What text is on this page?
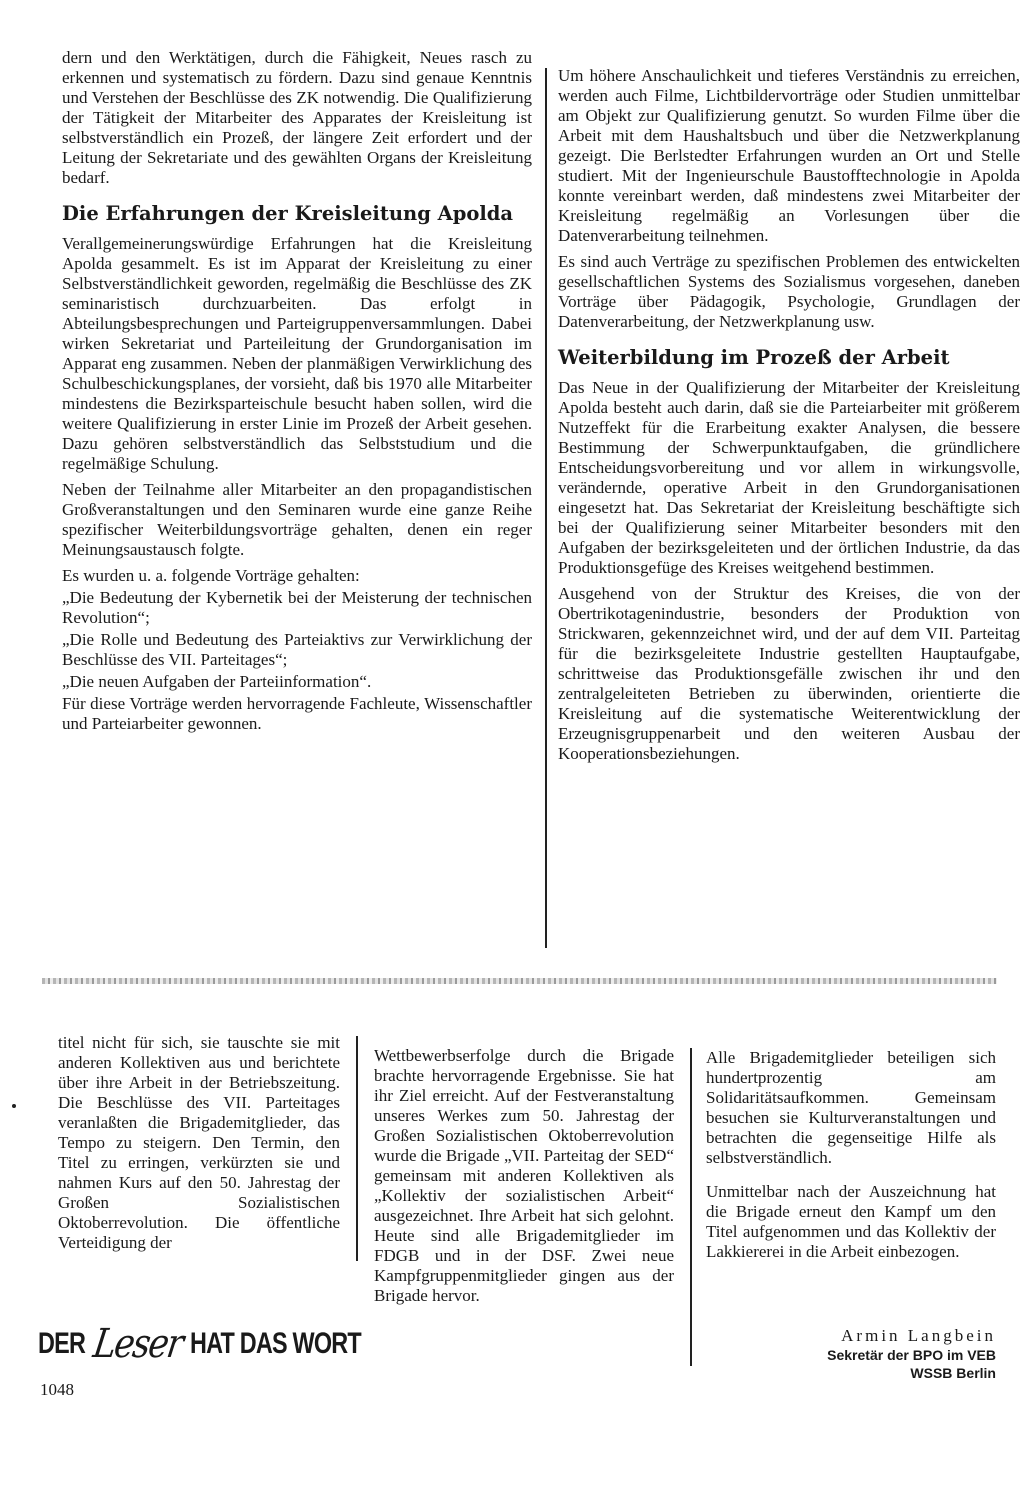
dern und den Werktätigen, durch die Fähigkeit, Neues rasch zu erkennen und systematisch zu fördern. Dazu sind genaue Kenntnis und Verstehen der Beschlüsse des ZK notwendig. Die Qualifizierung der Tätigkeit der Mitarbeiter des Apparates der Kreisleitung ist selbstverständlich ein Prozeß, der längere Zeit erfordert und der Leitung der Sekretariate und des gewählten Organs der Kreisleitung bedarf.

Die Erfahrungen der Kreisleitung Apolda

Verallgemeinerungswürdige Erfahrungen hat die Kreisleitung Apolda gesammelt. Es ist im Apparat der Kreisleitung zu einer Selbstverständlichkeit geworden, regelmäßig die Beschlüsse des ZK seminaristisch durchzuarbeiten. Das erfolgt in Abteilungsbesprechungen und Parteigruppenversammlungen. Dabei wirken Sekretariat und Parteileitung der Grundorganisation im Apparat eng zusammen. Neben der planmäßigen Verwirklichung des Schulbeschickungsplanes, der vorsieht, daß bis 1970 alle Mitarbeiter mindestens die Bezirksparteischule besucht haben sollen, wird die weitere Qualifizierung in erster Linie im Prozeß der Arbeit gesehen. Dazu gehören selbstverständlich das Selbststudium und die regelmäßige Schulung.

Neben der Teilnahme aller Mitarbeiter an den propagandistischen Großveranstaltungen und den Seminaren wurde eine ganze Reihe spezifischer Weiterbildungsvorträge gehalten, denen ein reger Meinungsaustausch folgte.

Es wurden u. a. folgende Vorträge gehalten:

„Die Bedeutung der Kybernetik bei der Meisterung der technischen Revolution“;

„Die Rolle und Bedeutung des Parteiaktivs zur Verwirklichung der Beschlüsse des VII. Parteitages“;

„Die neuen Aufgaben der Parteiinformation“.

Für diese Vorträge werden hervorragende Fachleute, Wissenschaftler und Parteiarbeiter gewonnen.

Um höhere Anschaulichkeit und tieferes Verständnis zu erreichen, werden auch Filme, Lichtbildervorträge oder Studien unmittelbar am Objekt zur Qualifizierung genutzt. So wurden Filme über die Arbeit mit dem Haushaltsbuch und über die Netzwerkplanung gezeigt. Die Berlstedter Erfahrungen wurden an Ort und Stelle studiert. Mit der Ingenieurschule Baustofftechnologie in Apolda konnte vereinbart werden, daß mindestens zwei Mitarbeiter der Kreisleitung regelmäßig an Vorlesungen über die Datenverarbeitung teilnehmen.

Es sind auch Verträge zu spezifischen Problemen des entwickelten gesellschaftlichen Systems des Sozialismus vorgesehen, daneben Vorträge über Pädagogik, Psychologie, Grundlagen der Datenverarbeitung, der Netzwerkplanung usw.

Weiterbildung im Prozeß der Arbeit

Das Neue in der Qualifizierung der Mitarbeiter der Kreisleitung Apolda besteht auch darin, daß sie die Parteiarbeiter mit größerem Nutzeffekt für die Erarbeitung exakter Analysen, die bessere Bestimmung der Schwerpunktaufgaben, die gründlichere Entscheidungsvorbereitung und vor allem in wirkungsvolle, verändernde, operative Arbeit in den Grundorganisationen eingesetzt hat. Das Sekretariat der Kreisleitung beschäftigte sich bei der Qualifizierung seiner Mitarbeiter besonders mit den Aufgaben der bezirksgeleiteten und der örtlichen Industrie, da das Produktionsgefüge des Kreises weitgehend bestimmen.

Ausgehend von der Struktur des Kreises, die von der Obertrikotagenindustrie, besonders der Produktion von Strickwaren, gekennzeichnet wird, und der auf dem VII. Parteitag für die bezirksgeleitete Industrie gestellten Hauptaufgabe, schrittweise das Produktionsgefälle zwischen ihr und den zentralgeleiteten Betrieben zu überwinden, orientierte die Kreisleitung auf die systematische Weiterentwicklung der Erzeugnisgruppenarbeit und den weiteren Ausbau der Kooperationsbeziehungen.

titel nicht für sich, sie tauschte sie mit anderen Kollektiven aus und berichtete über ihre Arbeit in der Betriebszeitung. Die Beschlüsse des VII. Parteitages veranlaßten die Brigademitglieder, das Tempo zu steigern. Den Termin, den Titel zu erringen, verkürzten sie und nahmen Kurs auf den 50. Jahrestag der Großen Sozialistischen Oktoberrevolution. Die öffentliche Verteidigung der

Wettbewerbserfolge durch die Brigade brachte hervorragende Ergebnisse. Sie hat ihr Ziel erreicht. Auf der Festveranstaltung unseres Werkes zum 50. Jahrestag der Großen Sozialistischen Oktoberrevolution wurde die Brigade „VII. Parteitag der SED“ gemeinsam mit anderen Kollektiven als „Kollektiv der sozialistischen Arbeit“ ausgezeichnet. Ihre Arbeit hat sich gelohnt. Heute sind alle Brigademitglieder im FDGB und in der DSF. Zwei neue Kampfgruppenmitglieder gingen aus der Brigade hervor.

Alle Brigademitglieder beteiligen sich hundertprozentig am Solidaritätsaufkommen. Gemeinsam besuchen sie Kulturveranstaltungen und betrachten die gegenseitige Hilfe als selbstverständlich.

Unmittelbar nach der Auszeichnung hat die Brigade erneut den Kampf um den Titel aufgenommen und das Kollektiv der Lakkiererei in die Arbeit einbezogen.

Armin Langbein
Sekretär der BPO im VEB
WSSB Berlin
DER Leser HAT DAS WORT
1048
